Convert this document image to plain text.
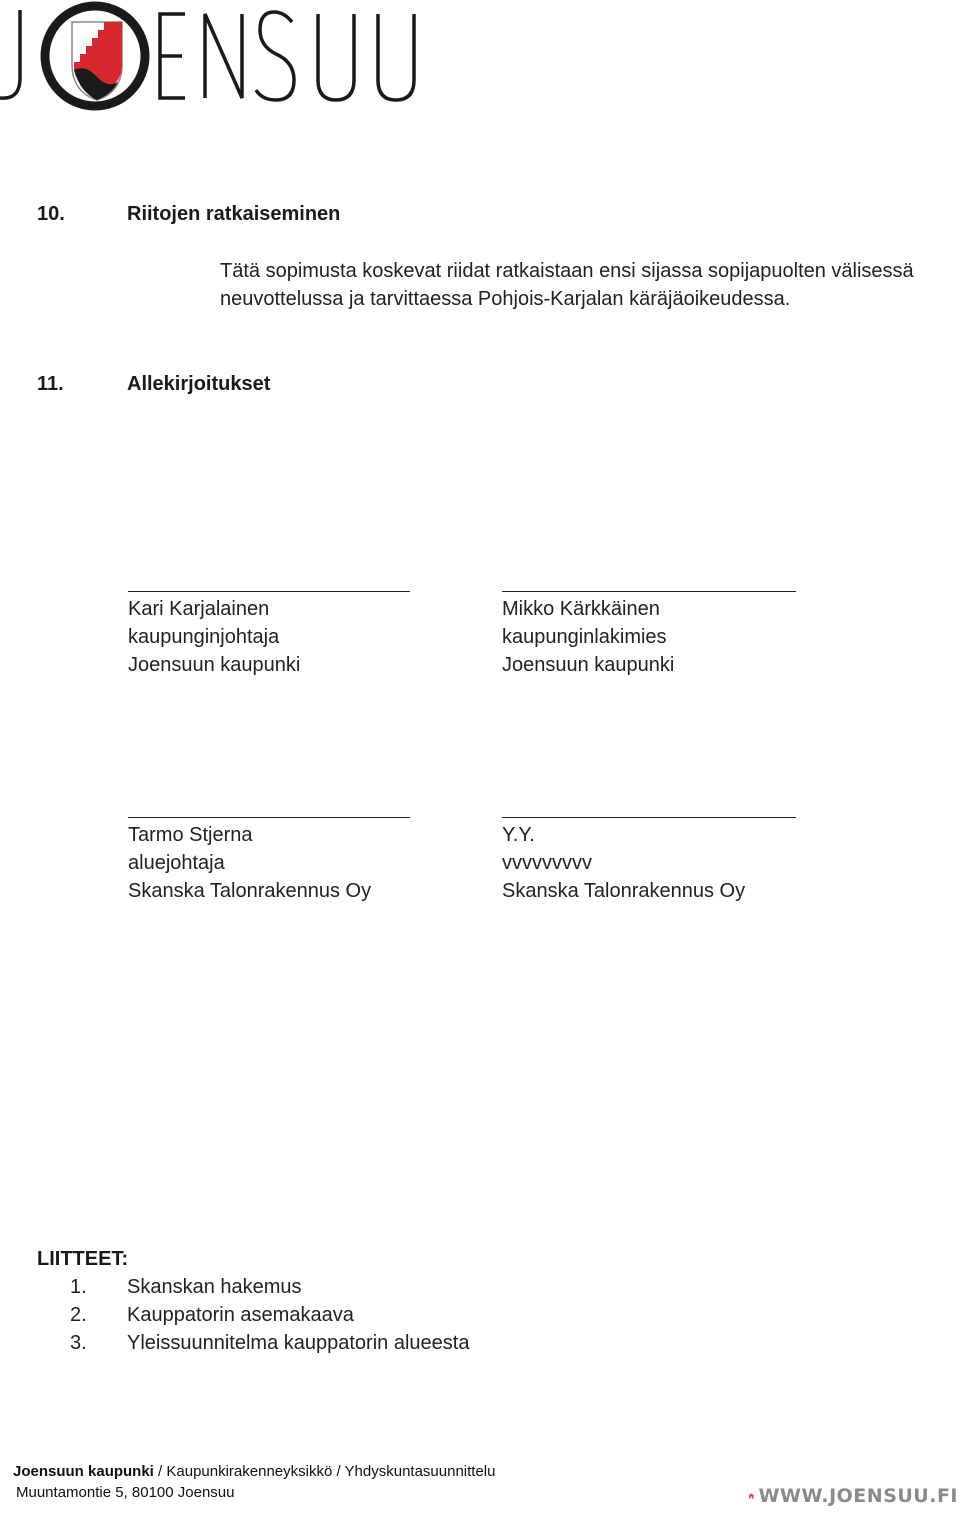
10.	Riitojen ratkaiseminen
Tätä sopimusta koskevat riidat ratkaistaan ensi sijassa sopijapuolten välisessä
neuvottelussa ja tarvittaessa Pohjois-Karjalan käräjäoikeudessa.
11.	Allekirjoitukset
Kari Karjalainen
kaupunginjohtaja
Joensuun kaupunki
Mikko Kärkkäinen
kaupunginlakimies
Joensuun kaupunki
Tarmo Stjerna
aluejohtaja
Skanska Talonrakennus Oy
Y.Y.
vvvvvvvvv
Skanska Talonrakennus Oy
LIITTEET:
1.	Skanskan hakemus
2.	Kauppatorin asemakaava
3.	Yleissuunnitelma kauppatorin alueesta
Joensuun kaupunki / Kaupunkirakenneyksikkö / Yhdyskuntasuunnittelu
Muuntamontie 5, 80100 Joensuu	WWW.JOENSUU.FI
